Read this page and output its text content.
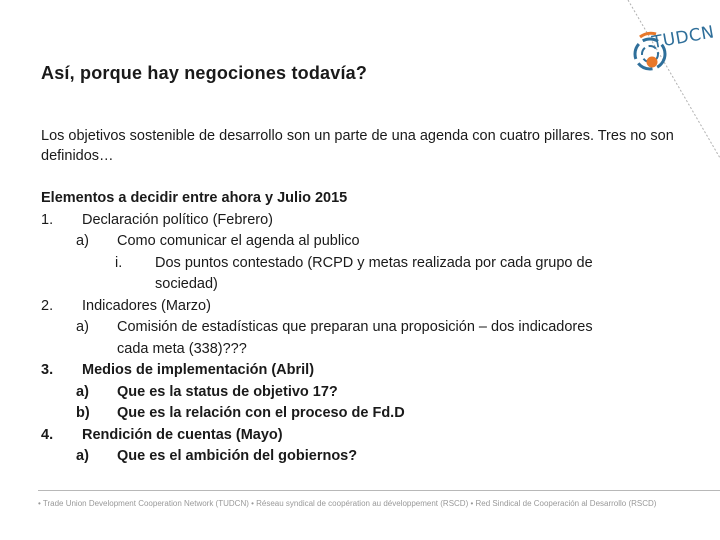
TUDCN
Así, porque hay negociones todavía?
Los objetivos sostenible de desarrollo son un parte de una agenda con cuatro pillares. Tres no son definidos…
Elementos a decidir entre ahora y Julio 2015
1. Declaración político (Febrero)
a) Como comunicar el agenda al publico
i. Dos puntos contestado (RCPD y metas realizada por cada grupo de
sociedad)
2. Indicadores (Marzo)
a) Comisión de estadísticas que preparan una proposición – dos indicadores
cada meta (338)???
3. Medios de implementación (Abril)
a) Que es la status de objetivo 17?
b) Que es la relación con el proceso de Fd.D
4. Rendición de cuentas (Mayo)
a) Que es el ambición del gobiernos?
• Trade Union Development Cooperation Network (TUDCN) • Réseau syndical de coopération au développement (RSCD) • Red Sindical de Cooperación al Desarrollo (RSCD)
